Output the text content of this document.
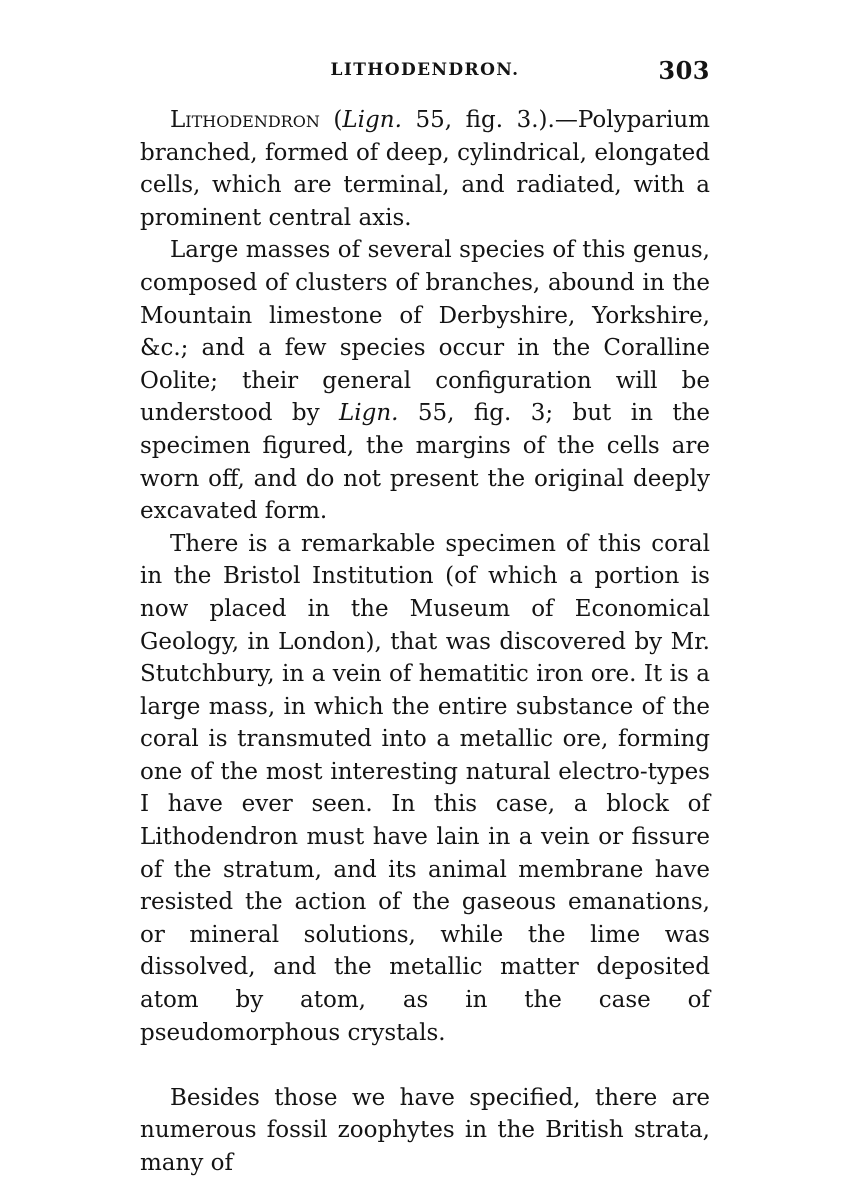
LITHODENDRON.	303

Lithodendron (Lign. 55, fig. 3.).—Polyparium branched, formed of deep, cylindrical, elongated cells, which are terminal, and radiated, with a prominent central axis.

Large masses of several species of this genus, composed of clusters of branches, abound in the Mountain limestone of Derbyshire, Yorkshire, &c.; and a few species occur in the Coralline Oolite; their general configuration will be understood by Lign. 55, fig. 3; but in the specimen figured, the margins of the cells are worn off, and do not present the original deeply excavated form.

There is a remarkable specimen of this coral in the Bristol Institution (of which a portion is now placed in the Museum of Economical Geology, in London), that was discovered by Mr. Stutchbury, in a vein of hematitic iron ore. It is a large mass, in which the entire substance of the coral is transmuted into a metallic ore, forming one of the most interesting natural electro-types I have ever seen. In this case, a block of Lithodendron must have lain in a vein or fissure of the stratum, and its animal membrane have resisted the action of the gaseous emanations, or mineral solutions, while the lime was dissolved, and the metallic matter deposited atom by atom, as in the case of pseudomorphous crystals.

Besides those we have specified, there are numerous fossil zoophytes in the British strata, many of
